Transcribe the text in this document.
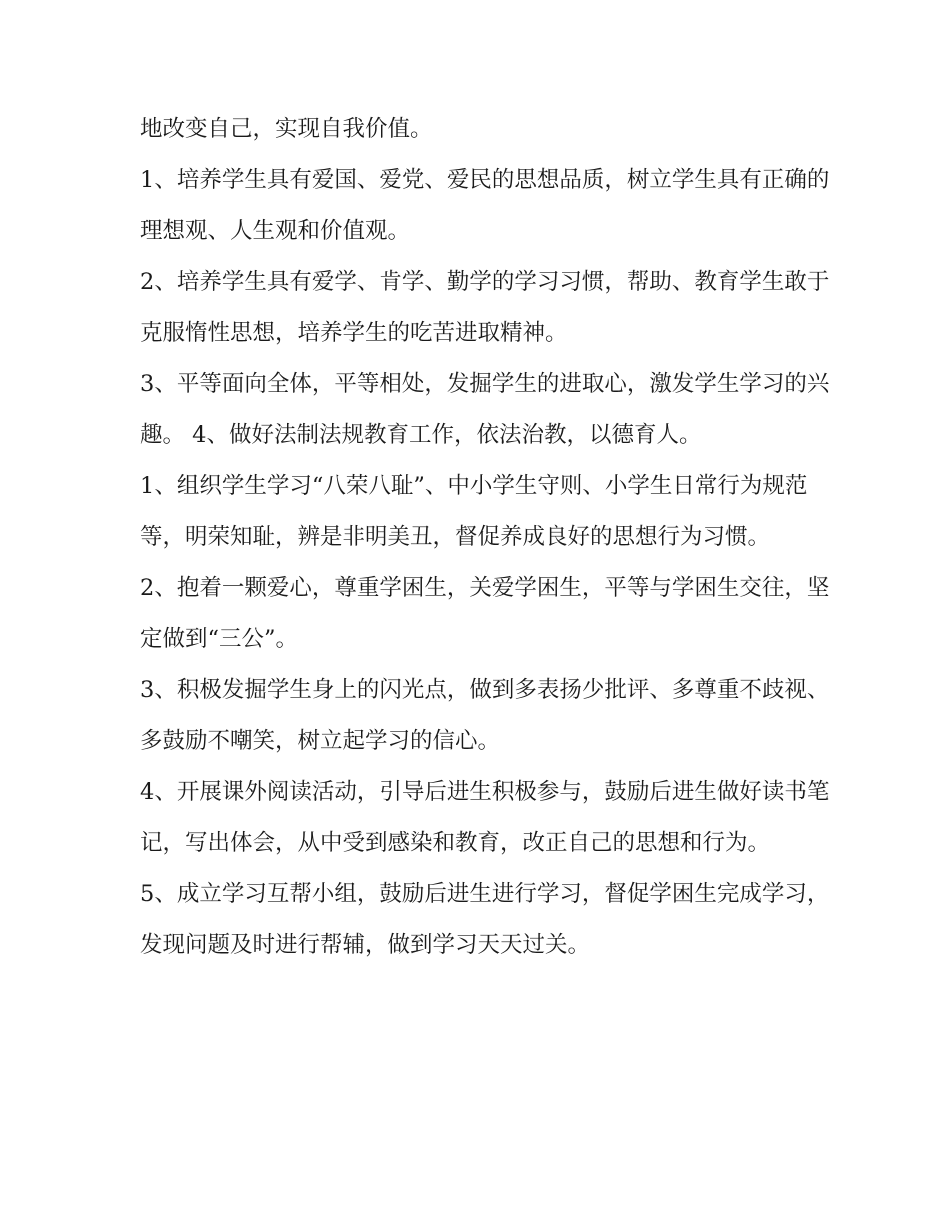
地改变自己，实现自我价值。

1、培养学生具有爱国、爱党、爱民的思想品质，树立学生具有正确的理想观、人生观和价值观。

2、培养学生具有爱学、肯学、勤学的学习习惯，帮助、教育学生敢于克服惰性思想，培养学生的吃苦进取精神。

3、平等面向全体，平等相处，发掘学生的进取心，激发学生学习的兴趣。 4、做好法制法规教育工作，依法治教，以德育人。

1、组织学生学习“八荣八耻”、中小学生守则、小学生日常行为规范等，明荣知耻，辨是非明美丑，督促养成良好的思想行为习惯。

2、抱着一颗爱心，尊重学困生，关爱学困生，平等与学困生交往，坚定做到“三公”。

3、积极发掘学生身上的闪光点，做到多表扬少批评、多尊重不歧视、多鼓励不嘲笑，树立起学习的信心。

4、开展课外阅读活动，引导后进生积极参与，鼓励后进生做好读书笔记，写出体会，从中受到感染和教育，改正自己的思想和行为。

5、成立学习互帮小组，鼓励后进生进行学习，督促学困生完成学习，发现问题及时进行帮辅，做到学习天天过关。
